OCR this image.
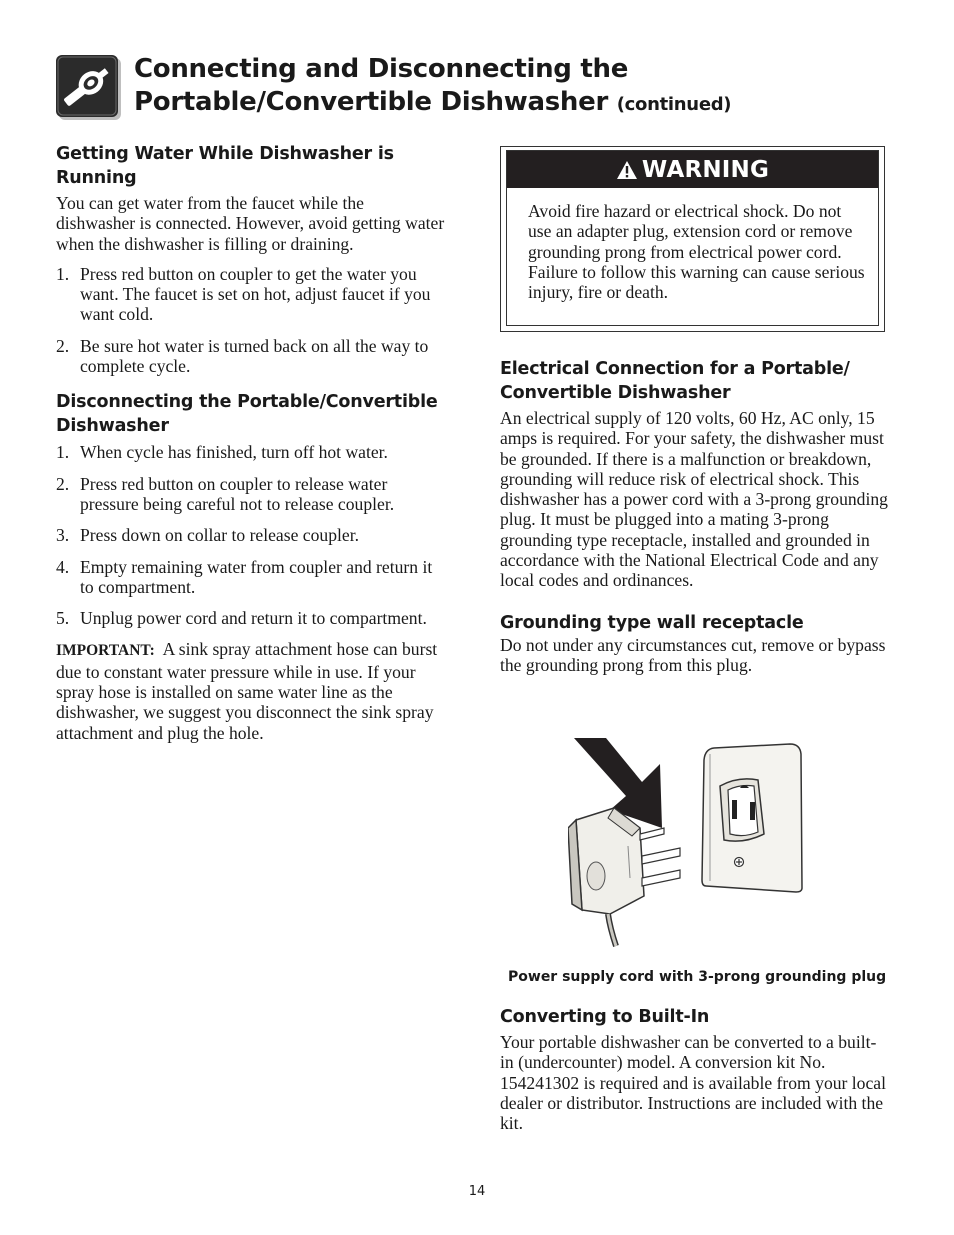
Connecting and Disconnecting the
Portable/Convertible Dishwasher (continued)
Getting Water While Dishwasher is Running

You can get water from the faucet while the dishwasher is connected. However, avoid getting water when the dishwasher is filling or draining.

1. Press red button on coupler to get the water you want. The faucet is set on hot, adjust faucet if you want cold.
2. Be sure hot water is turned back on all the way to complete cycle.
Disconnecting the Portable/Convertible Dishwasher
1. When cycle has finished, turn off hot water.
2. Press red button on coupler to release water pressure being careful not to release coupler.
3. Press down on collar to release coupler.
4. Empty remaining water from coupler and return it to compartment.
5. Unplug power cord and return it to compartment.

IMPORTANT: A sink spray attachment hose can burst due to constant water pressure while in use. If your spray hose is installed on same water line as the dishwasher, we suggest you disconnect the sink spray attachment and plug the hole.

WARNING
Avoid fire hazard or electrical shock. Do not use an adapter plug, extension cord or remove grounding prong from electrical power cord. Failure to follow this warning can cause serious injury, fire or death.
Electrical Connection for a Portable/ Convertible Dishwasher

An electrical supply of 120 volts, 60 Hz, AC only, 15 amps is required. For your safety, the dishwasher must be grounded. If there is a malfunction or breakdown, grounding will reduce risk of electrical shock. This dishwasher has a power cord with a 3-prong grounding plug. It must be plugged into a mating 3-prong grounding type receptacle, installed and grounded in accordance with the National Electrical Code and any local codes and ordinances.

Grounding type wall receptacle

Do not under any circumstances cut, remove or bypass the grounding prong from this plug.

Power supply cord with 3-prong grounding plug
Converting to Built-In

Your portable dishwasher can be converted to a built-in (undercounter) model. A conversion kit No. 154241302 is required and is available from your local dealer or distributor. Instructions are included with the kit.

14
